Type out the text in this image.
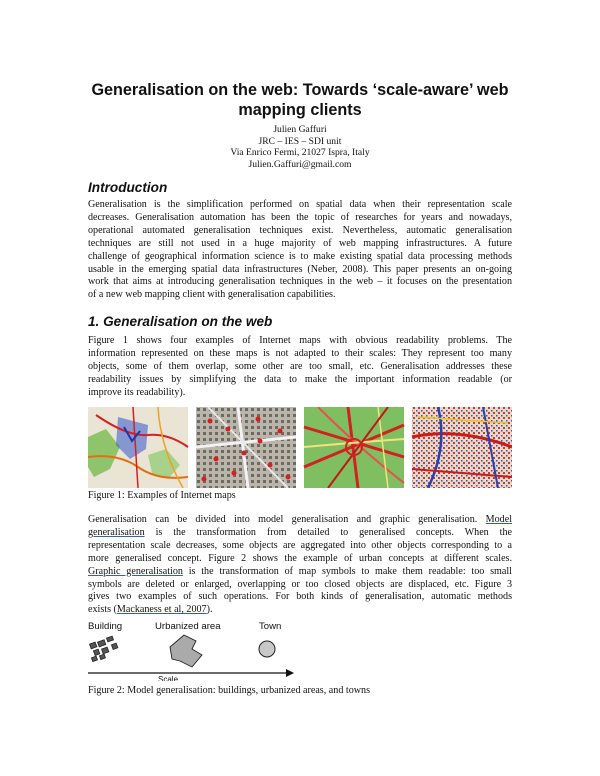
Generalisation on the web: Towards ‘scale-aware’ web
mapping clients
Julien Gaffuri
JRC – IES – SDI unit
Via Enrico Fermi, 21027 Ispra, Italy
Julien.Gaffuri@gmail.com
Introduction
Generalisation is the simplification performed on spatial data when their representation scale
decreases. Generalisation automation has been the topic of researches for years and nowadays,
operational automated generalisation techniques exist. Nevertheless, automatic generalisation
techniques are still not used in a huge majority of web mapping infrastructures. A future
challenge of geographical information science is to make existing spatial data processing methods
usable in the emerging spatial data infrastructures (Neber, 2008). This paper presents an on-going
work that aims at introducing generalisation techniques in the web – it focuses on the presentation
of a new web mapping client with generalisation capabilities.
1. Generalisation on the web
Figure 1 shows four examples of Internet maps with obvious readability problems. The
information represented on these maps is not adapted to their scales: They represent too many
objects, some of them overlap, some other are too small, etc. Generalisation addresses these
readability issues by simplifying the data to make the important information readable (or
improve its readability).
Figure 1: Examples of Internet maps
Generalisation can be divided into model generalisation and graphic generalisation. Model
generalisation is the transformation from detailed to generalised concepts. When the
representation scale decreases, some objects are aggregated into other objects corresponding to a
more generalised concept. Figure 2 shows the example of urban concepts at different scales.
Graphic generalisation is the transformation of map symbols to make them readable: too small
symbols are deleted or enlarged, overlapping or too closed objects are displaced, etc. Figure 3
gives two examples of such operations. For both kinds of generalisation, automatic methods
exists (Mackaness et al, 2007).
Building	Urbanized area	Town
Scale
Figure 2: Model generalisation: buildings, urbanized areas, and towns
